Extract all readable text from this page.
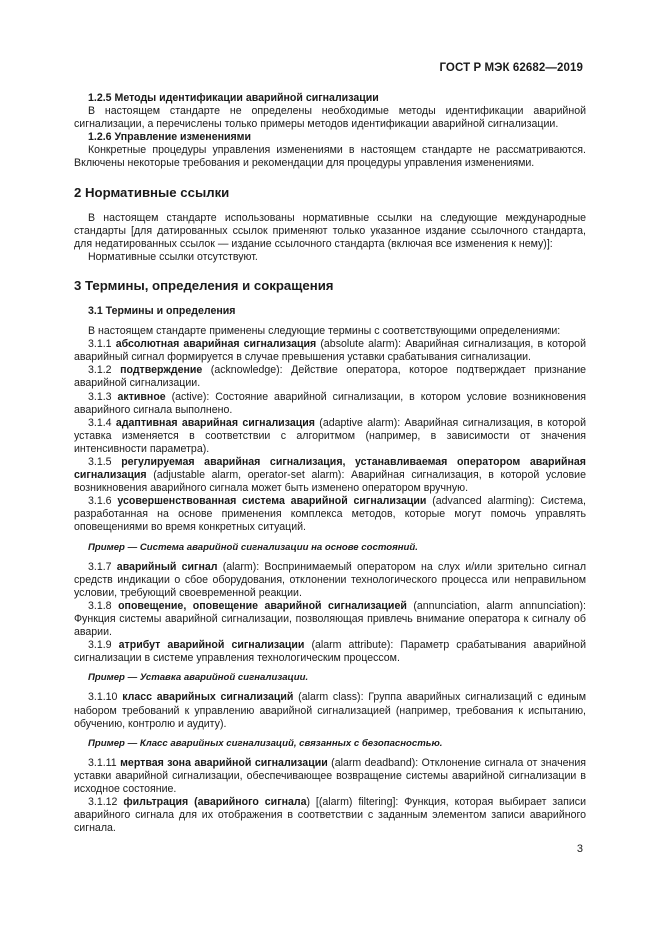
ГОСТ Р МЭК 62682—2019

1.2.5 Методы идентификации аварийной сигнализации

В настоящем стандарте не определены необходимые методы идентификации аварийной сигнализации, а перечислены только примеры методов идентификации аварийной сигнализации.

1.2.6 Управление изменениями

Конкретные процедуры управления изменениями в настоящем стандарте не рассматриваются. Включены некоторые требования и рекомендации для процедуры управления изменениями.

2 Нормативные ссылки

В настоящем стандарте использованы нормативные ссылки на следующие международные стандарты [для датированных ссылок применяют только указанное издание ссылочного стандарта, для недатированных ссылок — издание ссылочного стандарта (включая все изменения к нему)]:

Нормативные ссылки отсутствуют.

3 Термины, определения и сокращения
3.1 Термины и определения

В настоящем стандарте применены следующие термины с соответствующими определениями:

3.1.1 абсолютная аварийная сигнализация (absolute alarm): Аварийная сигнализация, в которой аварийный сигнал формируется в случае превышения уставки срабатывания сигнализации.

3.1.2 подтверждение (acknowledge): Действие оператора, которое подтверждает признание аварийной сигнализации.

3.1.3 активное (active): Состояние аварийной сигнализации, в котором условие возникновения аварийного сигнала выполнено.

3.1.4 адаптивная аварийная сигнализация (adaptive alarm): Аварийная сигнализация, в которой уставка изменяется в соответствии с алгоритмом (например, в зависимости от значения интенсивности параметра).

3.1.5 регулируемая аварийная сигнализация, устанавливаемая оператором аварийная сигнализация (adjustable alarm, operator-set alarm): Аварийная сигнализация, в которой условие возникновения аварийного сигнала может быть изменено оператором вручную.

3.1.6 усовершенствованная система аварийной сигнализации (advanced alarming): Система, разработанная на основе применения комплекса методов, которые могут помочь управлять оповещениями во время конкретных ситуаций.

Пример — Система аварийной сигнализации на основе состояний.

3.1.7 аварийный сигнал (alarm): Воспринимаемый оператором на слух и/или зрительно сигнал средств индикации о сбое оборудования, отклонении технологического процесса или неправильном условии, требующий своевременной реакции.

3.1.8 оповещение, оповещение аварийной сигнализацией (annunciation, alarm annunciation): Функция системы аварийной сигнализации, позволяющая привлечь внимание оператора к сигналу об аварии.

3.1.9 атрибут аварийной сигнализации (alarm attribute): Параметр срабатывания аварийной сигнализации в системе управления технологическим процессом.

Пример — Уставка аварийной сигнализации.

3.1.10 класс аварийных сигнализаций (alarm class): Группа аварийных сигнализаций с единым набором требований к управлению аварийной сигнализацией (например, требования к испытанию, обучению, контролю и аудиту).

Пример — Класс аварийных сигнализаций, связанных с безопасностью.

3.1.11 мертвая зона аварийной сигнализации (alarm deadband): Отклонение сигнала от значения уставки аварийной сигнализации, обеспечивающее возвращение системы аварийной сигнализации в исходное состояние.

3.1.12 фильтрация (аварийного сигнала) [(alarm) filtering]: Функция, которая выбирает записи аварийного сигнала для их отображения в соответствии с заданным элементом записи аварийного сигнала.

3
